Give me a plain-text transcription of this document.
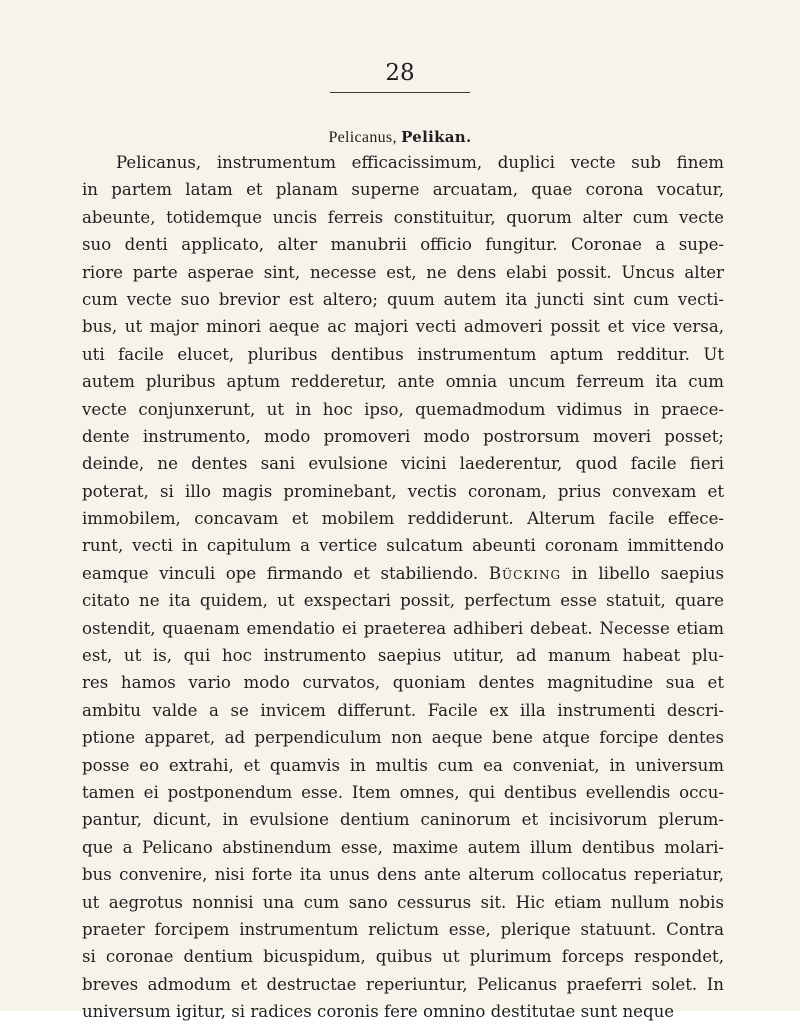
28
Pelicanus, Pelikan.
Pelicanus, instrumentum efficacissimum, duplici vecte sub finem
in partem latam et planam superne arcuatam, quae corona vocatur,
abeunte, totidemque uncis ferreis constituitur, quorum alter cum vecte
suo denti applicato, alter manubrii officio fungitur. Coronae a supe-
riore parte asperae sint, necesse est, ne dens elabi possit. Uncus alter
cum vecte suo brevior est altero; quum autem ita juncti sint cum vecti-
bus, ut major minori aeque ac majori vecti admoveri possit et vice versa,
uti facile elucet, pluribus dentibus instrumentum aptum redditur. Ut
autem pluribus aptum redderetur, ante omnia uncum ferreum ita cum
vecte conjunxerunt, ut in hoc ipso, quemadmodum vidimus in praece-
dente instrumento, modo promoveri modo postrorsum moveri posset;
deinde, ne dentes sani evulsione vicini laederentur, quod facile fieri
poterat, si illo magis prominebant, vectis coronam, prius convexam et
immobilem, concavam et mobilem reddiderunt. Alterum facile effece-
runt, vecti in capitulum a vertice sulcatum abeunti coronam immittendo
eamque vinculi ope firmando et stabiliendo. Bücking in libello saepius
citato ne ita quidem, ut exspectari possit, perfectum esse statuit, quare
ostendit, quaenam emendatio ei praeterea adhiberi debeat. Necesse etiam
est, ut is, qui hoc instrumento saepius utitur, ad manum habeat plu-
res hamos vario modo curvatos, quoniam dentes magnitudine sua et
ambitu valde a se invicem differunt. Facile ex illa instrumenti descri-
ptione apparet, ad perpendiculum non aeque bene atque forcipe dentes
posse eo extrahi, et quamvis in multis cum ea conveniat, in universum
tamen ei postponendum esse. Item omnes, qui dentibus evellendis occu-
pantur, dicunt, in evulsione dentium caninorum et incisivorum plerum-
que a Pelicano abstinendum esse, maxime autem illum dentibus molari-
bus convenire, nisi forte ita unus dens ante alterum collocatus reperiatur,
ut aegrotus nonnisi una cum sano cessurus sit. Hic etiam nullum nobis
praeter forcipem instrumentum relictum esse, plerique statuunt. Contra
si coronae dentium bicuspidum, quibus ut plurimum forceps respondet,
breves admodum et destructae reperiuntur, Pelicanus praeferri solet. In
universum igitur, si radices coronis fere omnino destitutae sunt neque
